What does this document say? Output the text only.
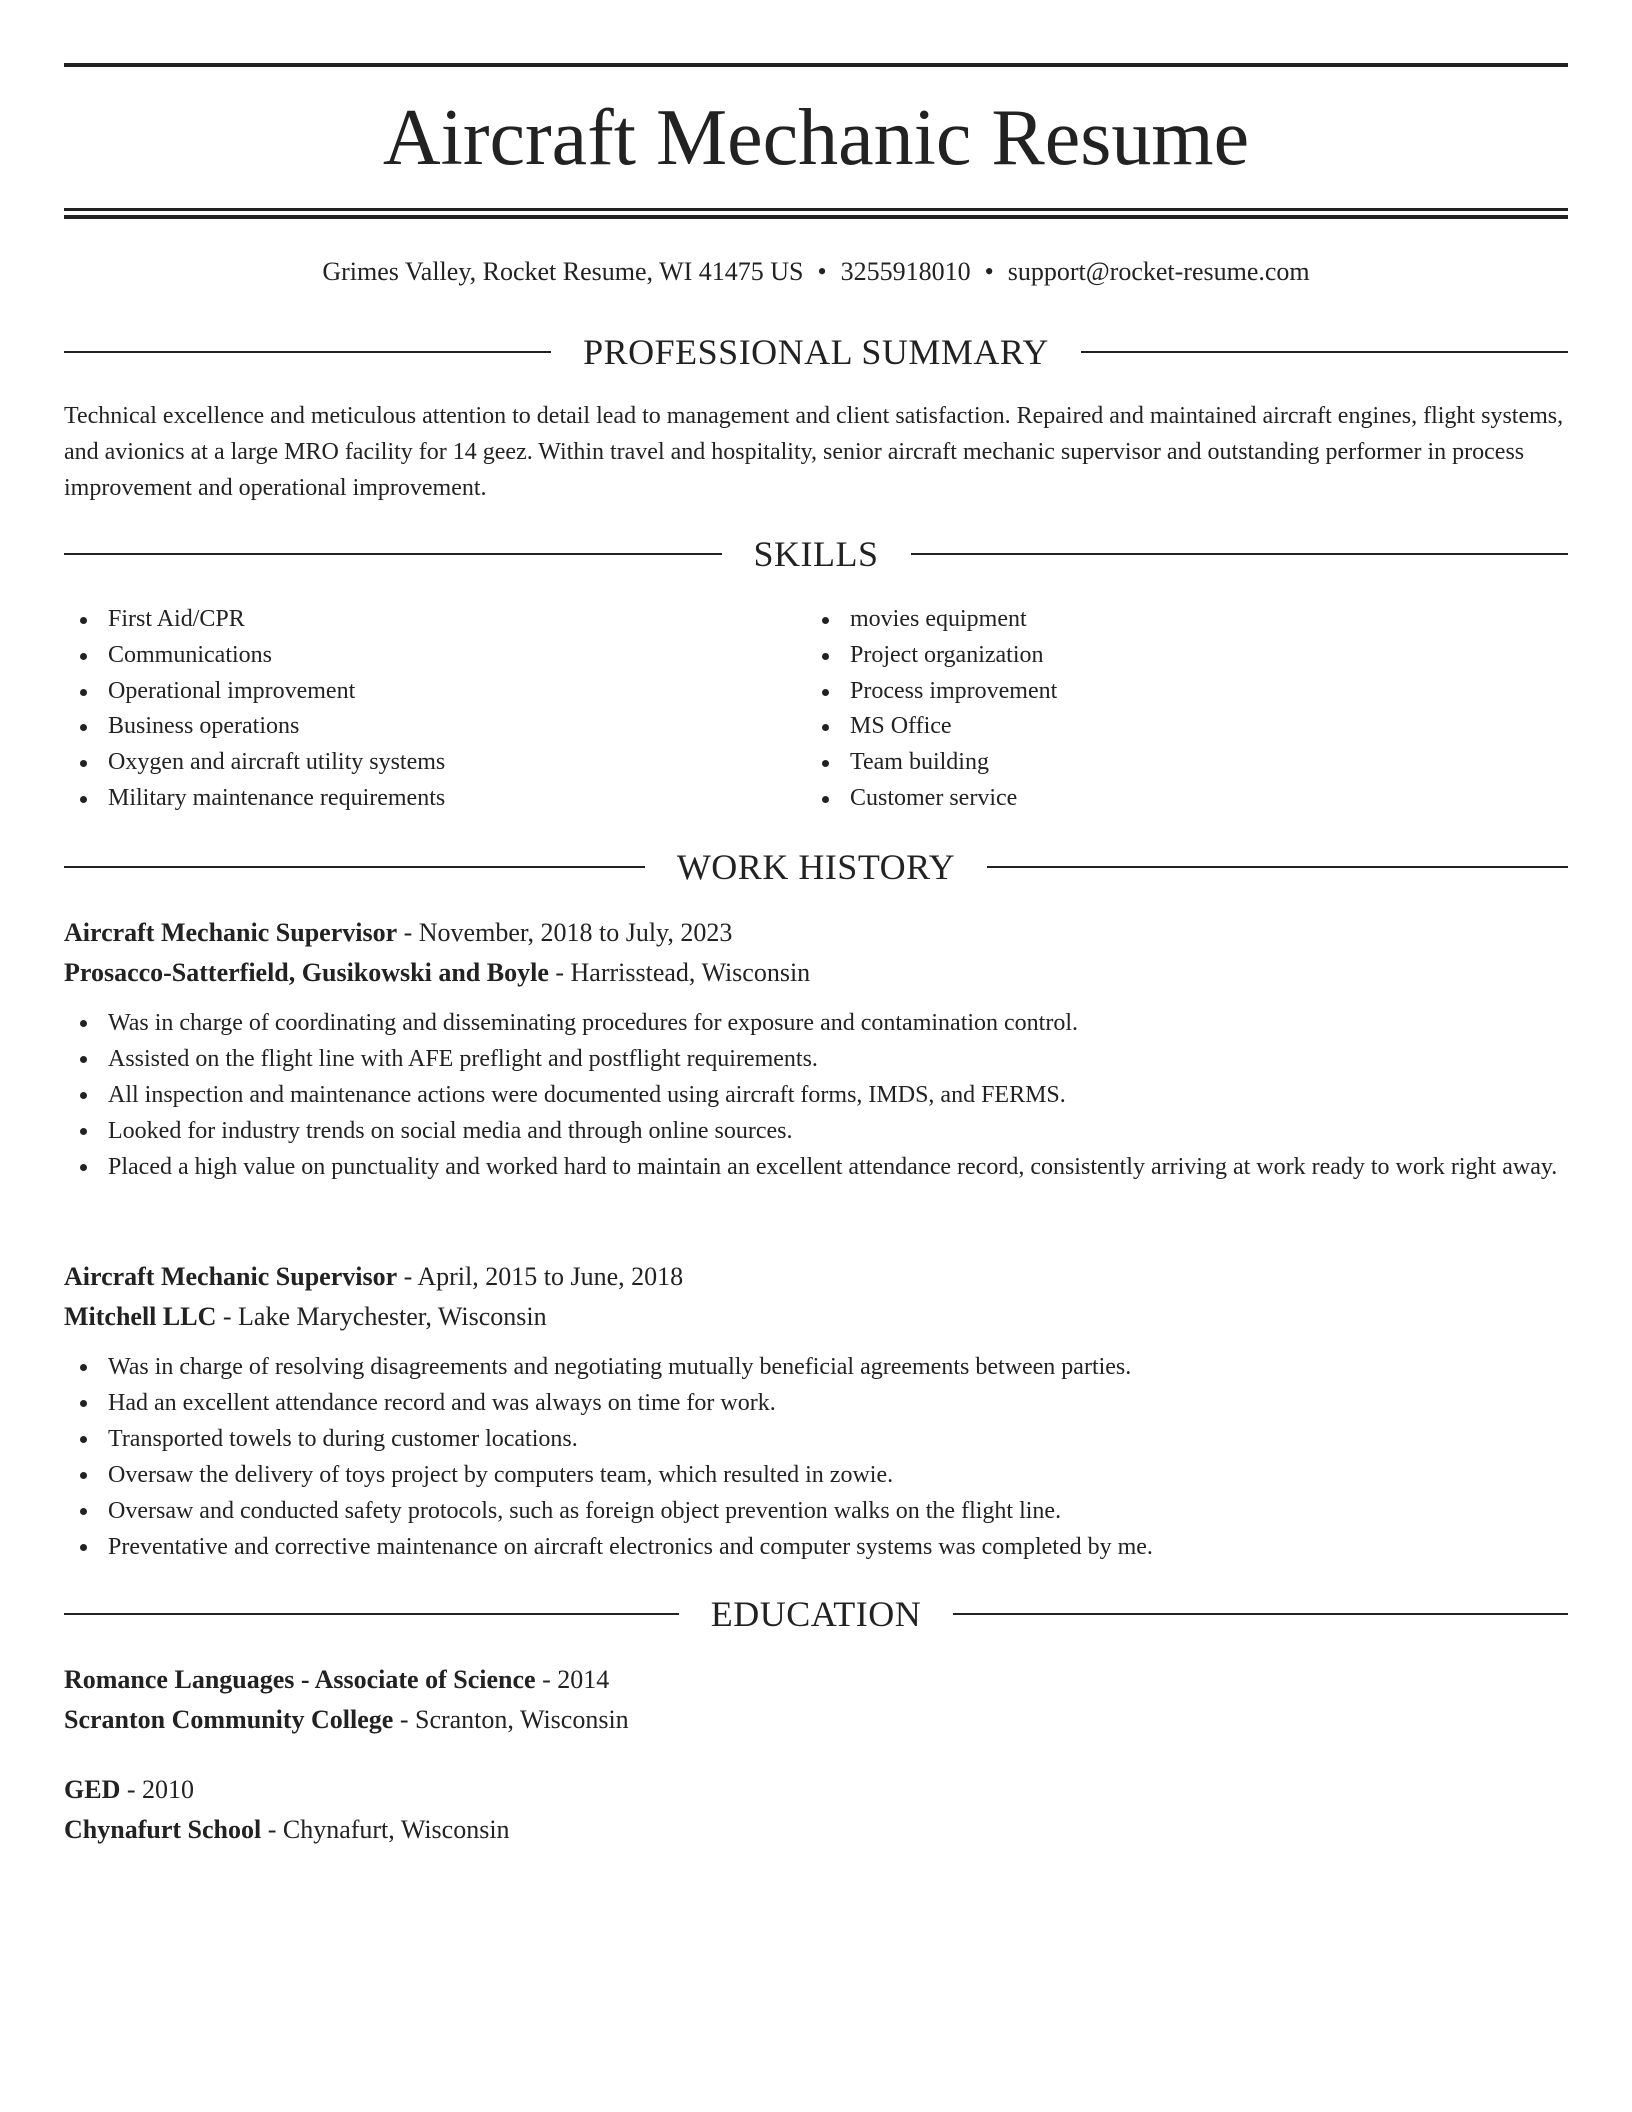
Aircraft Mechanic Resume
Grimes Valley, Rocket Resume, WI 41475 US • 3255918010 • support@rocket-resume.com
PROFESSIONAL SUMMARY

Technical excellence and meticulous attention to detail lead to management and client satisfaction. Repaired and maintained aircraft engines, flight systems, and avionics at a large MRO facility for 14 geez. Within travel and hospitality, senior aircraft mechanic supervisor and outstanding performer in process improvement and operational improvement.

SKILLS
First Aid/CPR
Communications
Operational improvement
Business operations
Oxygen and aircraft utility systems
Military maintenance requirements
movies equipment
Project organization
Process improvement
MS Office
Team building
Customer service
WORK HISTORY
Aircraft Mechanic Supervisor - November, 2018 to July, 2023
Prosacco-Satterfield, Gusikowski and Boyle - Harrisstead, Wisconsin
Was in charge of coordinating and disseminating procedures for exposure and contamination control.
Assisted on the flight line with AFE preflight and postflight requirements.
All inspection and maintenance actions were documented using aircraft forms, IMDS, and FERMS.
Looked for industry trends on social media and through online sources.
Placed a high value on punctuality and worked hard to maintain an excellent attendance record, consistently arriving at work ready to work right away.
Aircraft Mechanic Supervisor - April, 2015 to June, 2018
Mitchell LLC - Lake Marychester, Wisconsin
Was in charge of resolving disagreements and negotiating mutually beneficial agreements between parties.
Had an excellent attendance record and was always on time for work.
Transported towels to during customer locations.
Oversaw the delivery of toys project by computers team, which resulted in zowie.
Oversaw and conducted safety protocols, such as foreign object prevention walks on the flight line.
Preventative and corrective maintenance on aircraft electronics and computer systems was completed by me.
EDUCATION
Romance Languages - Associate of Science - 2014
Scranton Community College - Scranton, Wisconsin
GED - 2010
Chynafurt School - Chynafurt, Wisconsin
